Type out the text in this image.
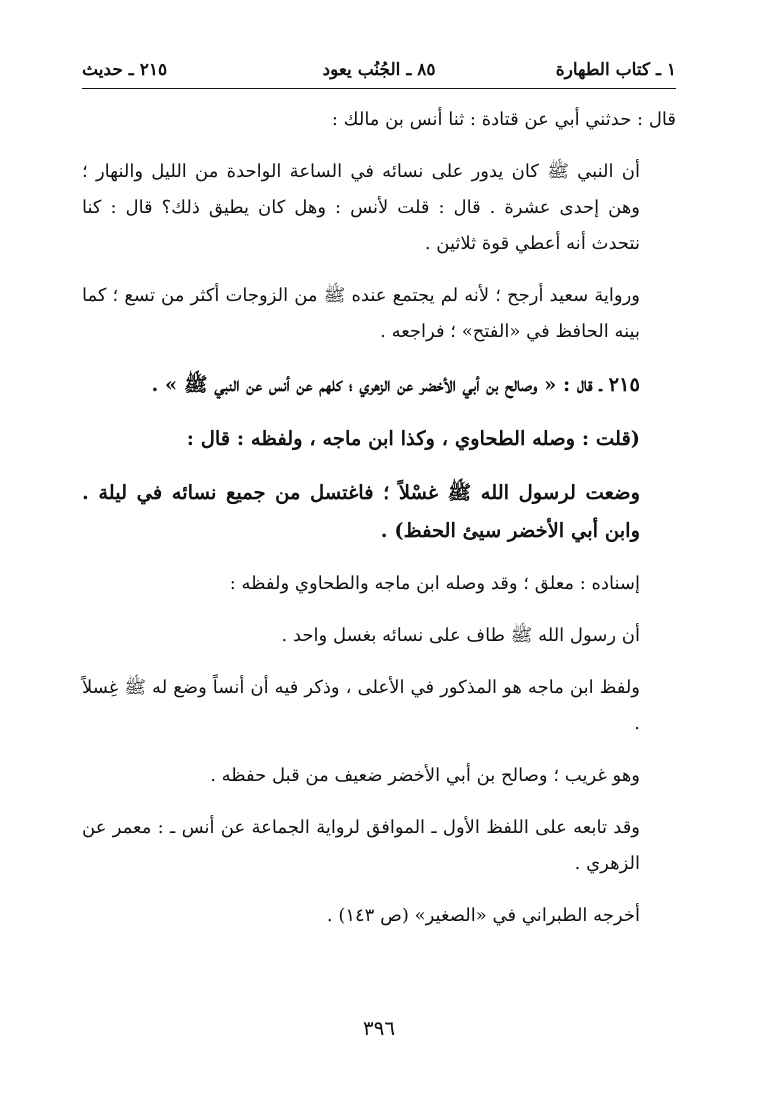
١ ـ كتاب الطهارة
٨٥ ـ الجُنُب يعود
٢١٥ ـ حديث

قال : حدثني أبي عن قتادة : ثنا أنس بن مالك :

أن النبي ﷺ كان يدور على نسائه في الساعة الواحدة من الليل والنهار ؛ وهن إحدى عشرة . قال : قلت لأنس : وهل كان يطيق ذلك؟ قال : كنا نتحدث أنه أعطي قوة ثلاثين .

ورواية سعيد أرجح ؛ لأنه لم يجتمع عنده ﷺ من الزوجات أكثر من تسع ؛ كما بينه الحافظ في «الفتح» ؛ فراجعه .

٢١٥ ـ قال : « وصالح بن أبي الأخضر عن الزهري ؛ كلهم عن أنس عن النبي ﷺ » .

(قلت : وصله الطحاوي ، وكذا ابن ماجه ، ولفظه : قال :

وضعت لرسول الله ﷺ غسْلاً ؛ فاغتسل من جميع نسائه في ليلة . وابن أبي الأخضر سيئ الحفظ) .

إسناده : معلق ؛ وقد وصله ابن ماجه والطحاوي ولفظه :

أن رسول الله ﷺ طاف على نسائه بغسل واحد .

ولفظ ابن ماجه هو المذكور في الأعلى ، وذكر فيه أن أنساً وضع له ﷺ غِسلاً .

وهو غريب ؛ وصالح بن أبي الأخضر ضعيف من قبل حفظه .

وقد تابعه على اللفظ الأول ـ الموافق لرواية الجماعة عن أنس ـ : معمر عن الزهري .

أخرجه الطبراني في «الصغير» (ص ١٤٣) .

٣٩٦
